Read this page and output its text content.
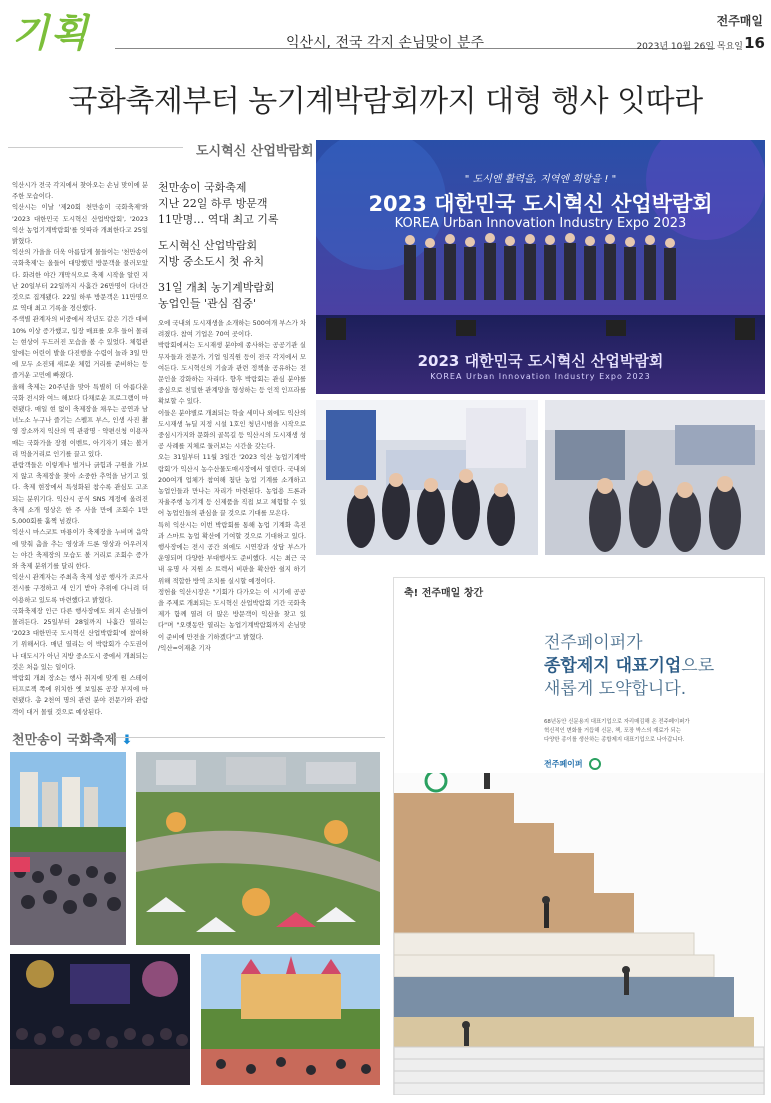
기획	익산시, 전국 각지 손님맞이 분주
전주매일
2023년 10월 26일 목요일 16
국화축제부터 농기계박람회까지 대형 행사 잇따라
도시혁신 산업박람회

천만송이 국화축제
지난 22일 하루 방문객
11만명… 역대 최고 기록

도시혁신 산업박람회
지방 중소도시 첫 유치

31일 개최 농기계박람회
농업인들 '관심 집중'

익산시가 전국 각지에서 찾아오는 손님 맞이에 분주한 모습이다.
익산시는 이날 '제20회 천만송이 국화축제'와 '2023 대한민국 도시혁신 산업박람회', '2023 익산 농업기계박람회'를 잇따라 개최한다고 25일 밝혔다.
익산의 가을을 더욱 아름답게 물들이는 '천만송이 국화축제'는 올들어 대망했던 방문객을 불러모았다. 화려한 야간 개막식으로 축제 시작을 알린 지난 20일부터 22일까지 사흘간 26만명이 다녀간 것으로 집계됐다. 22일 하루 방문객은 11만명으로 역대 최고 기록을 경신했다.
주색별 관계자의 비중에서 작년도 같은 기간 대비 10% 이상 증가했고, 입장 매표를 오후 들어 몰리는 현상이 두드러진 모습을 볼 수 있었다. 체험관 앞에는 어린이 발을 다진행을 수렴이 놀라 3일 만에 모두 소진돼 새로운 체험 거리를 준비하는 등 즐거운 고민에 빠졌다.
올해 축제는 20주년을 맞아 특별히 더 아름다운 국화 전시와 여느 해보다 다채로운 프로그램이 마련됐다. 매일 현 없이 축제장을 채우는 공연과 남녀노소 누구나 즐기는 스펠프 부스, 인생 사진 촬영 장소까지 익산의 역 관광명 · 약편신청 이용자 매는 국화가을 장점 이벤트, 아기자기 돼는 볼거리 먹을거리로 인기를 끌고 있다.
관람객들은 이렇게나 벌거나 긁힘과 구원을 가보지 않고 축제장을 찾아 소중한 추억을 남기고 있다. 축제 현장에서 특성화된 참수록 관심도 고조되는 분위기다. 익산시 공식 SNS 계정에 올려진 축제 소개 영상은 한 주 사을 만에 조회수 1만5,000회를 훌쩍 넘겼다.
익산시 마스코트 마룡이가 축제장을 누비며 음악에 맞춰 춤을 추는 영상과 드론 영상과 어우러지는 야간 축제장의 모습도 볼 거리로 조회수 증가와 축제 분위기를 달리 한다.
익산시 관계자는 주최측 축제 성공 행사가 조르사 전시를 구경하고 새 인기 받아 추위에 다니려 더 이용하고 있도록 마련했다고 밝혔다.
국화축제장 인근 다른 행사장에도 외지 손님들이 몰려든다. 25일부터 28일까지 나흘간 열리는 '2023 대한민국 도시혁신 산업박람회'에 참여하기 위해서다. 매년 열리는 이 박람회가 수도권이나 대도시가 아닌 지방 중소도시 중에서 개최되는 것은 처음 있는 일이다.
박람회 개최 장소는 행사 취지에 맞게 원 스테이터프로젝 쪽에 위치한 옛 보일론 공장 부지에 마련됐다. 총 2천여 명의 관련 분야 전문가와 관람객이 대거 몰릴 것으로 예상된다.
오에 국내외 도시재생을 소개하는 500여개 부스가 차려졌다. 참여 기업은 70여 곳이다.
박람회에서는 도시재생 분야에 종사하는 공공기관 실무자들과 전문가, 기업 임직원 등이 전국 각지에서 모여든다. 도시혁신의 기술과 관련 정책을 공유하는 전문인을 강화하는 자리다. 향후 박람회는 관심 분야를 중심으로 친밀한 관계망을 형성하는 등 인적 인프라를 확보할 수 있다.
이들은 분야별로 개최되는 학술 세미나 외에도 익산의 도시재생 뉴딜 지정 시설 1호인 청년시범을 시작으로 중심시가지와 문화의 골목길 등 익산시의 도시재생 성공 사례를 지체로 둘러보는 시간을 갖는다.
오는 31일부터 11월 3일간 '2023 익산 농업기계박람회'가 익산시 농수산물도매시장에서 열린다. 국내외 200여개 업체가 참여해 첨단 농업 기계를 소개하고 농업인들과 만나는 자리가 마련된다. 농업용 드론과 자율주행 농기계 등 신제품을 직접 보고 체험할 수 있어 농업인들의 관심을 끌 것으로 기대를 모은다.
특히 익산시는 이번 박람회를 통해 농업 기계화 촉진과 스마트 농업 확산에 기여할 것으로 기대하고 있다. 행사장에는 전시 공간 외에도 시연장과 상담 부스가 운영되며 다양한 부대행사도 준비했다. 시는 최근 국내 유명 사 지원 소 트렉서 비판을 확산한 쉴지 하기 위해 적합한 방역 조치를 실시할 예정이다.
정헌율 익산시장은 "기회가 다가오는 이 시기에 공공을 주제로 개최되는 도시혁신 산업박람회 기간 국화축제가 함께 열려 더 많은 방문객이 익산을 찾고 있다"며 "오랫동안 열리는 농업기계박람회까지 손님맞이 준비에 만전을 기하겠다"고 밝혔다.
/익산=이재춘 기자
" 도시엔 활력을, 지역엔 희망을 ! "
2023 대한민국 도시혁신 산업박람회
KOREA Urban Innovation Industry Expo 2023
2023 대한민국 도시혁신 산업박람회
KOREA Urban Innovation Industry Expo 2023
천만송이 국화축제 ⬇
축! 전주매일 창간
전주페이퍼가
종합제지 대표기업으로
새롭게 도약합니다.
68년동안 신문용지 대표기업으로 자리매김해 온 전주페이퍼가
혁신적인 변화를 거듭해 신문, 책, 포장 박스의 재료가 되는
다양한 종이를 생산하는 종합제지 대표기업으로 나아갑니다.
전주페이퍼
